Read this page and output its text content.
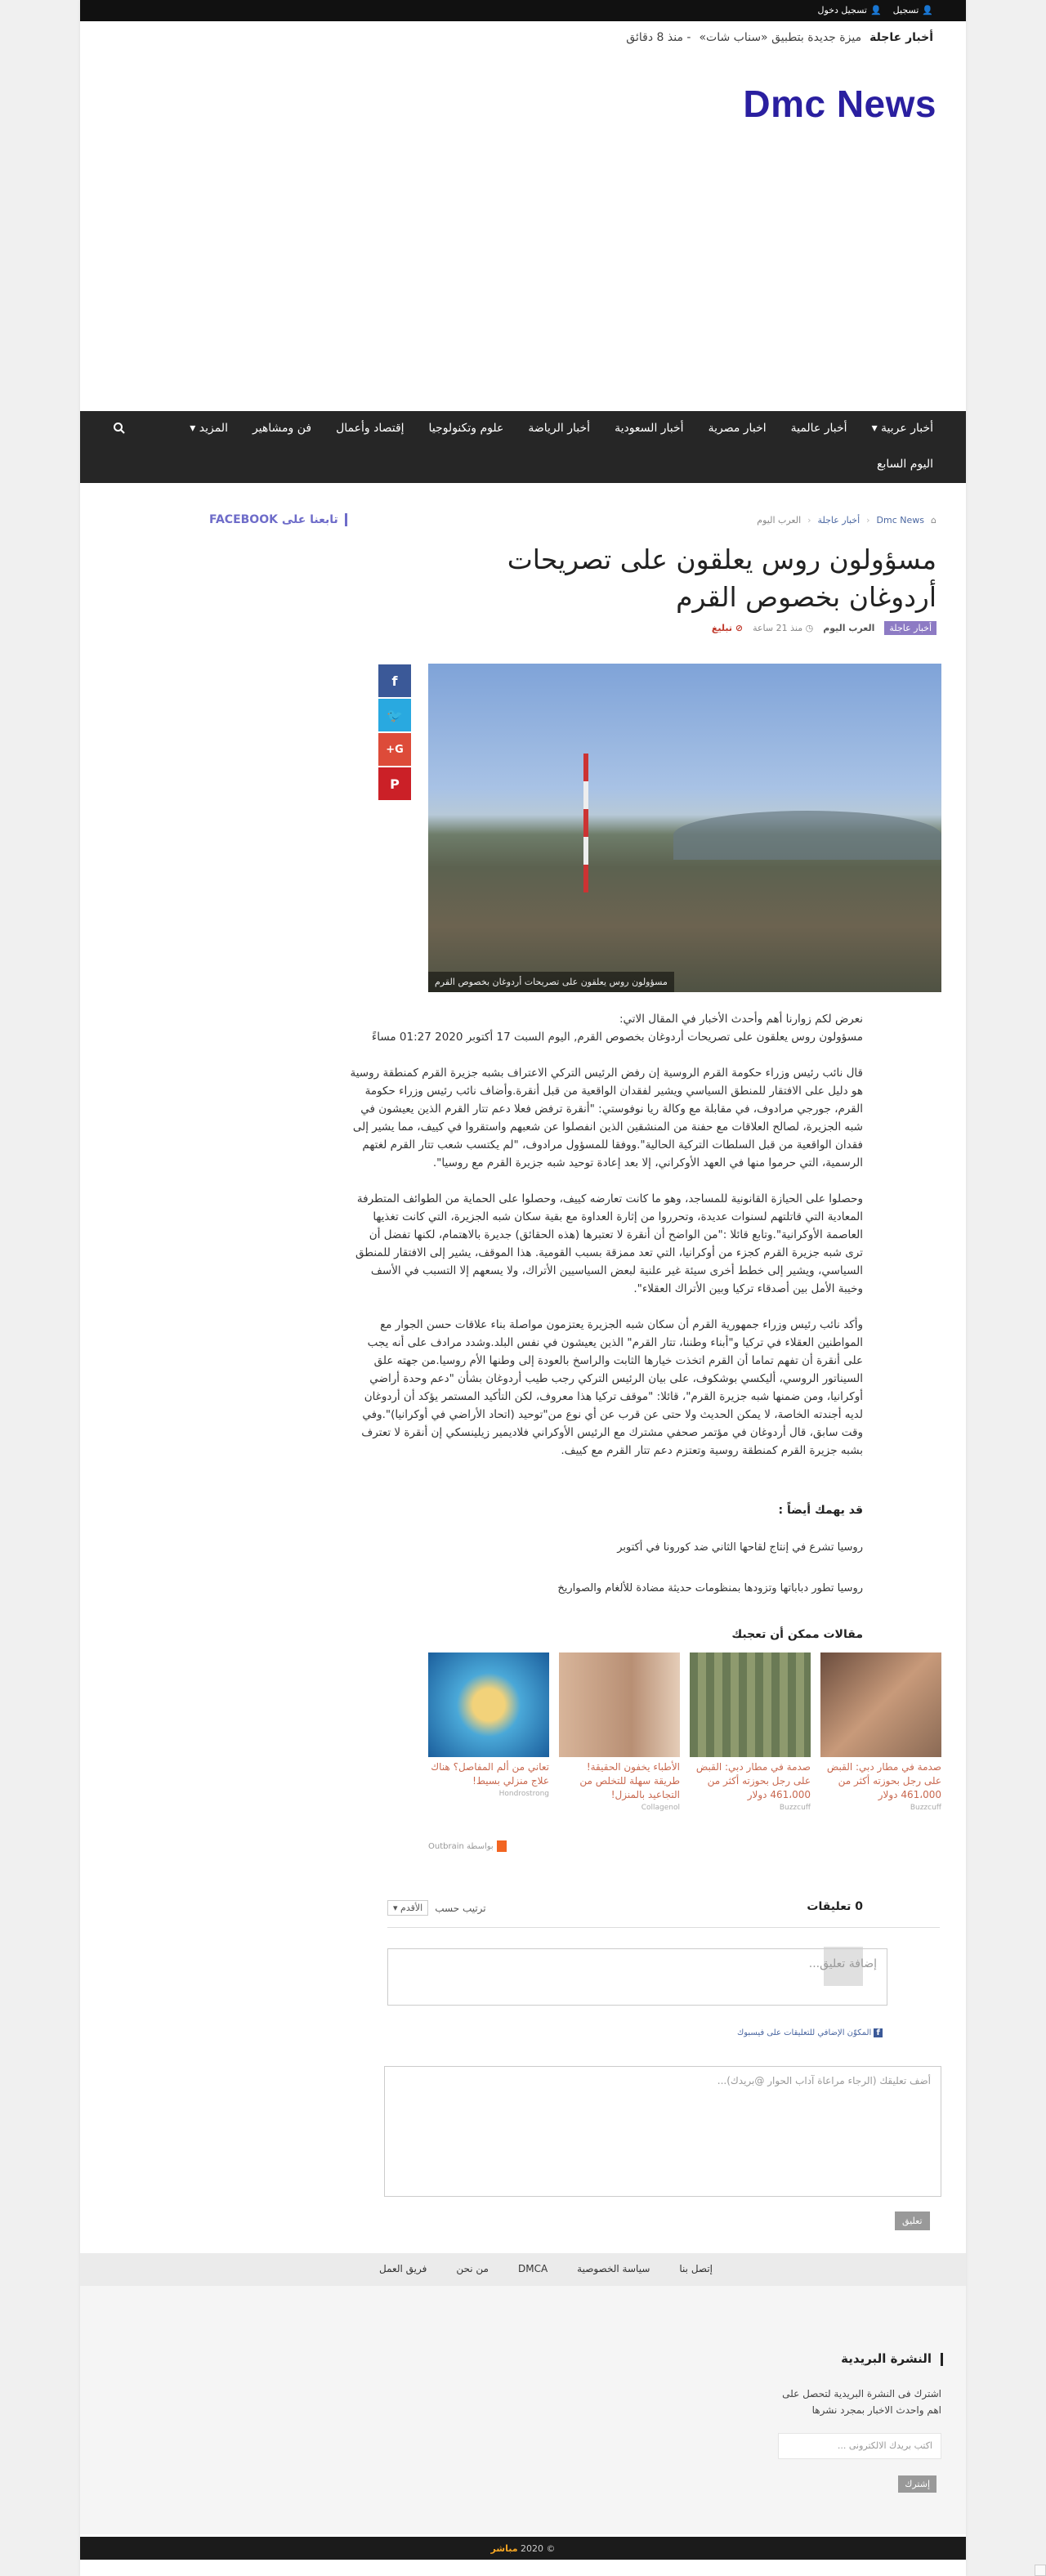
👤
تسجيل
👤
تسجيل دخول
أخبار عاجلة
ميزة جديدة بتطبيق «سناب شات»
- منذ 8 دقائق
Dmc News
أخبار عربية ▾
أخبار عالمية
اخبار مصرية
أخبار السعودية
أخبار الرياضة
علوم وتكنولوجيا
إقتصاد وأعمال
فن ومشاهير
المزيد ▾
اليوم السابع
⌂
Dmc News
‹
أخبار عاجلة
‹
العرب اليوم
تابعنا على FACEBOOK
مسؤولون روس يعلقون على تصريحات أردوغان بخصوص القرم
أخبار عاجلة
العرب اليوم
◷ منذ 21 ساعة
⊘ تبليغ
f
🐦
G+
P
مسؤولون روس يعلقون على تصريحات أردوغان بخصوص القرم

نعرض لكم زوارنا أهم وأحدث الأخبار في المقال الاتي:

مسؤولون روس يعلقون على تصريحات أردوغان بخصوص القرم, اليوم السبت 17 أكتوبر 2020 01:27 مساءً

قال نائب رئيس وزراء حكومة القرم الروسية إن رفض الرئيس التركي الاعتراف بشبه جزيرة القرم كمنطقة روسية هو دليل على الافتقار للمنطق السياسي ويشير لفقدان الواقعية من قبل أنقرة.وأضاف نائب رئيس وزراء حكومة القرم، جورجي مرادوف، في مقابلة مع وكالة ريا نوفوستي: "أنقرة ترفض فعلا دعم تتار القرم الذين يعيشون في شبه الجزيرة، لصالح العلاقات مع حفنة من المنشقين الذين انفصلوا عن شعبهم واستقروا في كييف، مما يشير إلى فقدان الواقعية من قبل السلطات التركية الحالية".ووفقا للمسؤول مرادوف، "لم يكتسب شعب تتار القرم لغتهم الرسمية، التي حرموا منها في العهد الأوكراني، إلا بعد إعادة توحيد شبه جزيرة القرم مع روسيا".

وحصلوا على الحيازة القانونية للمساجد، وهو ما كانت تعارضه كييف، وحصلوا على الحماية من الطوائف المتطرفة المعادية التي قاتلتهم لسنوات عديدة، وتحرروا من إثارة العداوة مع بقية سكان شبه الجزيرة، التي كانت تغذيها العاصمة الأوكرانية".وتابع قائلا :"من الواضح أن أنقرة لا تعتبرها (هذه الحقائق) جديرة بالاهتمام، لكنها تفضل أن ترى شبه جزيرة القرم كجزء من أوكرانيا، التي تعد ممزقة بسبب القومية. هذا الموقف، يشير إلى الافتقار للمنطق السياسي، ويشير إلى خطط أخرى سيئة غير علنية لبعض السياسيين الأتراك، ولا يسعهم إلا التسبب في الأسف وخيبة الأمل بين أصدقاء تركيا وبين الأتراك العقلاء".

وأكد نائب رئيس وزراء جمهورية القرم أن سكان شبه الجزيرة يعتزمون مواصلة بناء علاقات حسن الجوار مع المواطنين العقلاء في تركيا و"أبناء وطننا، تتار القرم" الذين يعيشون في نفس البلد.وشدد مرادف على أنه يجب على أنقرة أن تفهم تماما أن القرم اتخذت خيارها الثابت والراسخ بالعودة إلى وطنها الأم روسيا.من جهته علق السيناتور الروسي، أليكسي بوشكوف، على بيان الرئيس التركي رجب طيب أردوغان بشأن "دعم وحدة أراضي أوكرانيا، ومن ضمنها شبه جزيرة القرم"، قائلا: "موقف تركيا هذا معروف، لكن التأكيد المستمر يؤكد أن أردوغان لديه أجندته الخاصة، لا يمكن الحديث ولا حتى عن قرب عن أي نوع من"توحيد (اتحاد الأراضي في أوكرانيا)".وفي وقت سابق، قال أردوغان في مؤتمر صحفي مشترك مع الرئيس الأوكراني فلاديمير زيلينسكي إن أنقرة لا تعترف بشبه جزيرة القرم كمنطقة روسية وتعتزم دعم تتار القرم مع كييف.

قد يهمك أيضاً :
روسيا تشرع في إنتاج لقاحها الثاني ضد كورونا في أكتوبر
روسيا تطور دباباتها وتزودها بمنظومات حديثة مضادة للألغام والصواريخ
مقالات ممكن أن تعجبك
صدمة في مطار دبي: القبض على رجل بحوزته أكثر من 461،000 دولار
Buzzcuff
صدمة في مطار دبي: القبض على رجل بحوزته أكثر من 461،000 دولار
Buzzcuff
الأطباء يخفون الحقيقة! طريقة سهلة للتخلص من التجاعيد بالمنزل!
Collagenol
تعاني من ألم المفاصل؟ هناك علاج منزلي بسيط!
Hondrostrong
بواسطة Outbrain
0 تعليقات
ترتيب حسب
الأقدم ▾
إضافة تعليق...
f المكوّن الإضافي للتعليقات على فيسبوك
أضف تعليقك (الرجاء مراعاة آداب الحوار @بريدك)...
تعليق
إتصل بنا
سياسة الخصوصية
DMCA
من نحن
فريق العمل
النشرة البريدية
اشترك فى النشرة البريدية لتحصل على اهم واحدث الاخبار بمجرد نشرها
اكتب بريدك الالكترونى ...
إشترك
© 2020 مباشر
